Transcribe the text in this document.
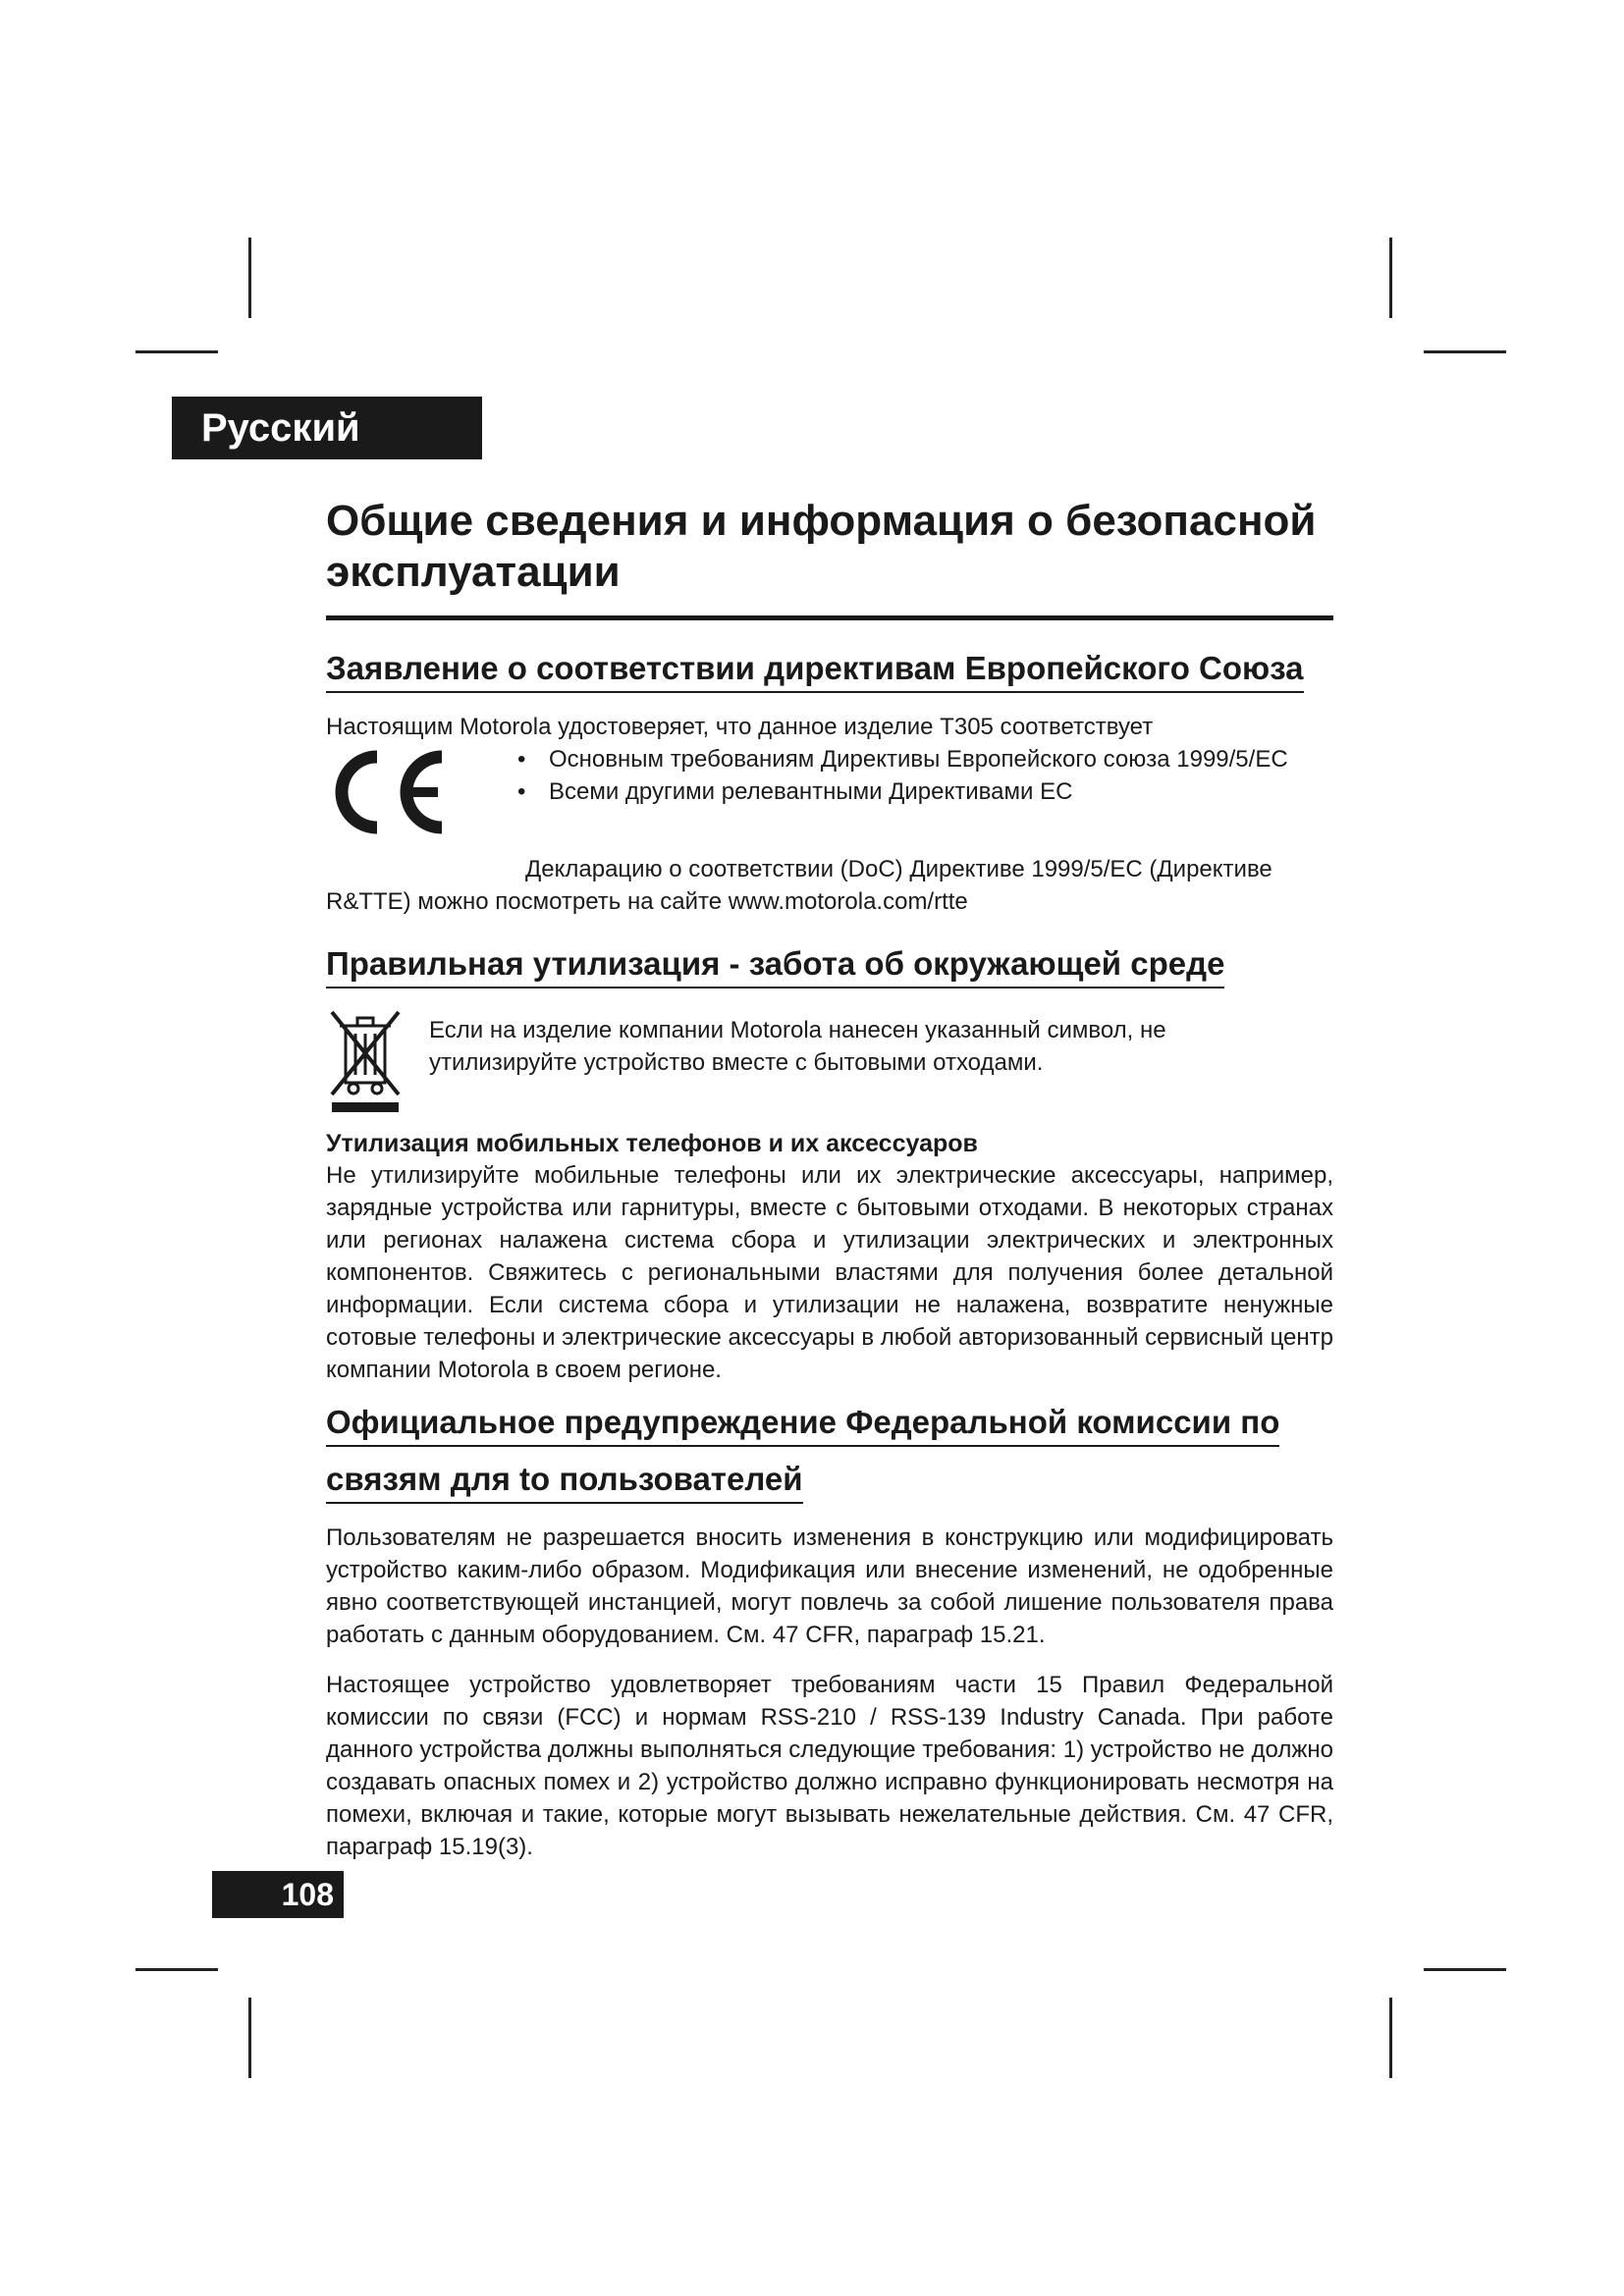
Русский
Общие сведения и информация о безопасной эксплуатации
Заявление о соответствии директивам Европейского Союза

Настоящим Motorola удостоверяет, что данное изделие T305 соответствует

• Основным требованиям Директивы Европейского союза 1999/5/EC
• Всеми другими релевантными Директивами EC

Декларацию о соответствии (DoC) Директиве 1999/5/EC (Директиве

R&TTE) можно посмотреть на сайте www.motorola.com/rtte

Правильная утилизация - забота об окружающей среде

Если на изделие компании Motorola нанесен указанный символ, не

утилизируйте устройство вместе с бытовыми отходами.

Утилизация мобильных телефонов и их аксессуаров

Не утилизируйте мобильные телефоны или их электрические аксессуары, например, зарядные устройства или гарнитуры, вместе с бытовыми отходами. В некоторых странах или регионах налажена система сбора и утилизации электрических и электронных компонентов. Свяжитесь с региональными властями для получения более детальной информации. Если система сбора и утилизации не налажена, возвратите ненужные сотовые телефоны и электрические аксессуары в любой авторизованный сервисный центр компании Motorola в своем регионе.

Официальное предупреждение Федеральной комиссии по
связям для to пользователей

Пользователям не разрешается вносить изменения в конструкцию или модифицировать устройство каким-либо образом. Модификация или внесение изменений, не одобренные явно соответствующей инстанцией, могут повлечь за собой лишение пользователя права работать с данным оборудованием. См. 47 CFR, параграф 15.21.

Настоящее устройство удовлетворяет требованиям части 15 Правил Федеральной комиссии по связи (FCC) и нормам RSS-210 / RSS-139 Industry Canada. При работе данного устройства должны выполняться следующие требования: 1) устройство не должно создавать опасных помех и 2) устройство должно исправно функционировать несмотря на помехи, включая и такие, которые могут вызывать нежелательные действия. См. 47 CFR, параграф 15.19(3).

108
